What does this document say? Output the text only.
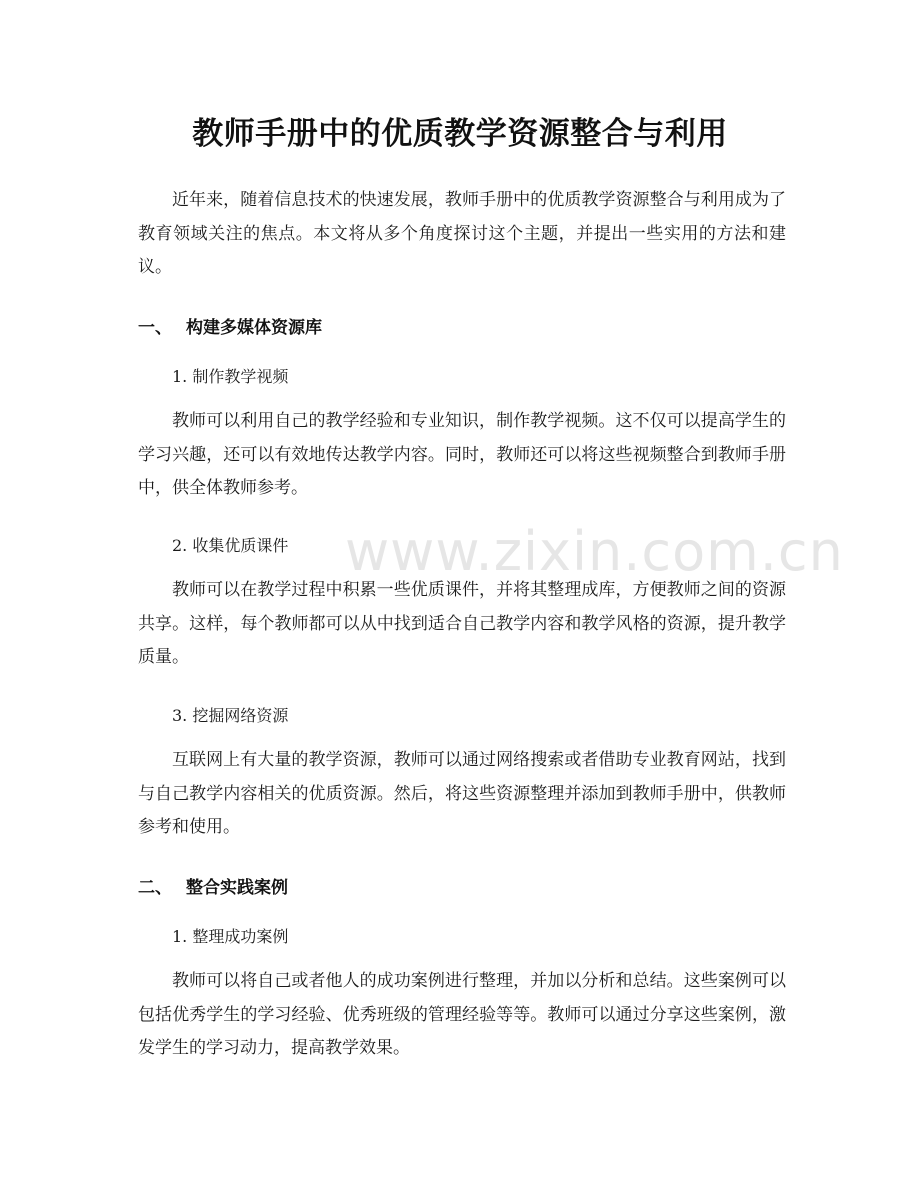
www.zixin.com.cn
教师手册中的优质教学资源整合与利用

近年来，随着信息技术的快速发展，教师手册中的优质教学资源整合与利用成为了教育领域关注的焦点。本文将从多个角度探讨这个主题，并提出一些实用的方法和建议。

一、 构建多媒体资源库

1. 制作教学视频

教师可以利用自己的教学经验和专业知识，制作教学视频。这不仅可以提高学生的学习兴趣，还可以有效地传达教学内容。同时，教师还可以将这些视频整合到教师手册中，供全体教师参考。

2. 收集优质课件

教师可以在教学过程中积累一些优质课件，并将其整理成库，方便教师之间的资源共享。这样，每个教师都可以从中找到适合自己教学内容和教学风格的资源，提升教学质量。

3. 挖掘网络资源

互联网上有大量的教学资源，教师可以通过网络搜索或者借助专业教育网站，找到与自己教学内容相关的优质资源。然后，将这些资源整理并添加到教师手册中，供教师参考和使用。

二、 整合实践案例

1. 整理成功案例

教师可以将自己或者他人的成功案例进行整理，并加以分析和总结。这些案例可以包括优秀学生的学习经验、优秀班级的管理经验等等。教师可以通过分享这些案例，激发学生的学习动力，提高教学效果。
